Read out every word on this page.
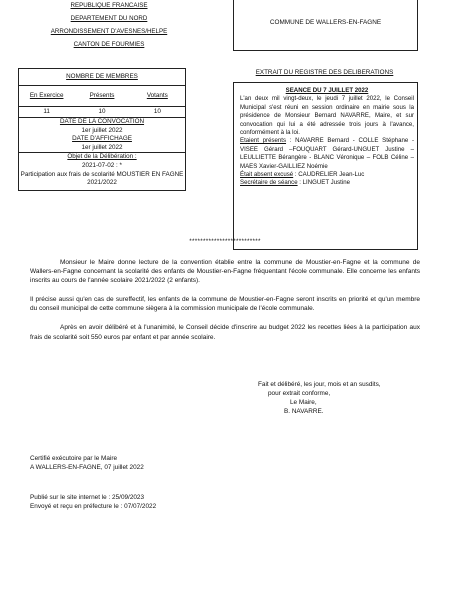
REPUBLIQUE FRANCAISE
DEPARTEMENT DU NORD
ARRONDISSEMENT D'AVESNES/HELPE
CANTON DE FOURMIES
COMMUNE DE WALLERS-EN-FAGNE
NOMBRE DE MEMBRES
En Exercice	Présents	Votants
11	10	10
DATE DE LA CONVOCATION
1er juillet 2022
DATE D'AFFICHAGE
1er juillet 2022
Objet de la Délibération :
2021-07-02 : *
Participation aux frais de scolarité MOUSTIER EN FAGNE 2021/2022
EXTRAIT DU REGISTRE DES DELIBERATIONS
SEANCE DU 7 JUILLET 2022
L'an deux mil vingt-deux, le jeudi 7 juillet 2022, le Conseil Municipal s'est réuni en session ordinaire en mairie sous la présidence de Monsieur Bernard NAVARRE, Maire, et sur convocation qui lui a été adressée trois jours à l'avance, conformément à la loi.
Etaient présents : NAVARRE Bernard - COLLE Stéphane - VISEE Gérard –FOUQUART Gérard-UNGUET Justine – LEULLIETTE Bérangère - BLANC Véronique – FOLB Céline – MAES Xavier-GAILLIEZ Noémie
Était absent excusé : CAUDRELIER Jean-Luc
Secrétaire de séance : LINGUET Justine
**************************

Monsieur le Maire donne lecture de la convention établie entre la commune de Moustier-en-Fagne et la commune de Wallers-en-Fagne concernant la scolarité des enfants de Moustier-en-Fagne fréquentant l'école communale. Elle concerne les enfants inscrits au cours de l'année scolaire 2021/2022 (2 enfants).

Il précise aussi qu'en cas de sureffectif, les enfants de la commune de Moustier-en-Fagne seront inscrits en priorité et qu'un membre du conseil municipal de cette commune siègera à la commission municipale de l'école communale.

Après en avoir délibéré et à l'unanimité, le Conseil décide d'inscrire au budget 2022 les recettes liées à la participation aux frais de scolarité soit 550 euros par enfant et par année scolaire.

Fait et délibéré, les jour, mois et an susdits,
pour extrait conforme,
Le Maire,
B. NAVARRE.
Certifié exécutoire par le Maire
A WALLERS-EN-FAGNE, 07 juillet 2022
Publié sur le site internet le : 25/09/2023
Envoyé et reçu en préfecture le : 07/07/2022
